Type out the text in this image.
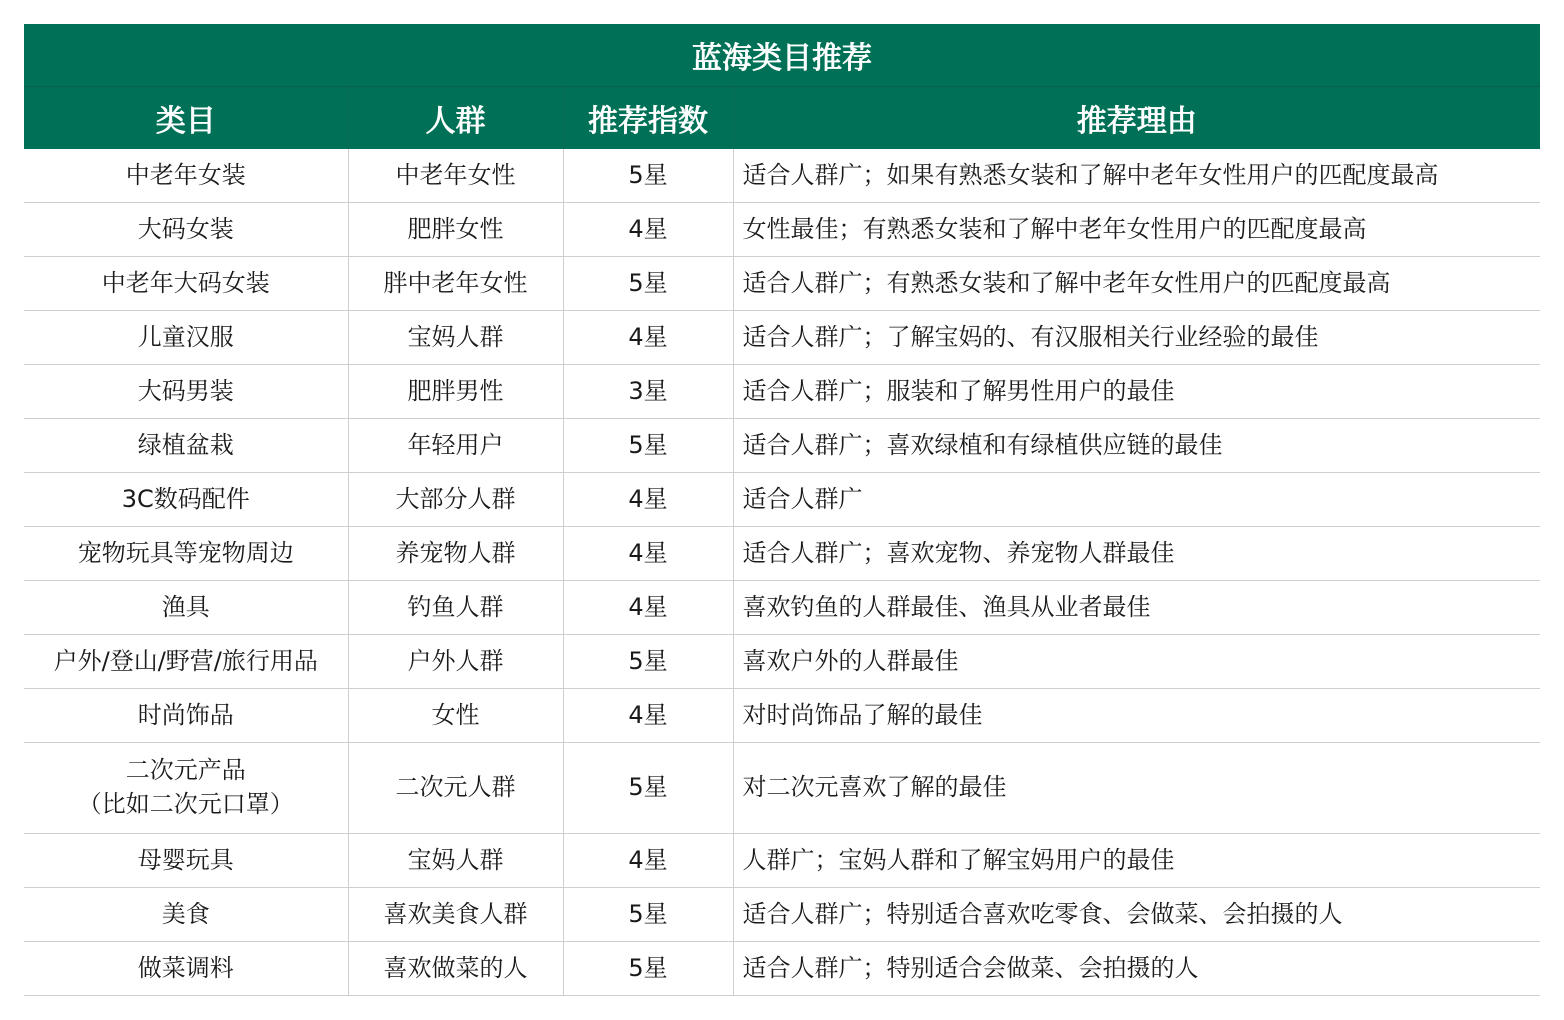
蓝海类目推荐			
类目	人群	推荐指数	推荐理由
中老年女装	中老年女性	5星	适合人群广；如果有熟悉女装和了解中老年女性用户的匹配度最高
大码女装	肥胖女性	4星	女性最佳；有熟悉女装和了解中老年女性用户的匹配度最高
中老年大码女装	胖中老年女性	5星	适合人群广；有熟悉女装和了解中老年女性用户的匹配度最高
儿童汉服	宝妈人群	4星	适合人群广；了解宝妈的、有汉服相关行业经验的最佳
大码男装	肥胖男性	3星	适合人群广；服装和了解男性用户的最佳
绿植盆栽	年轻用户	5星	适合人群广；喜欢绿植和有绿植供应链的最佳
3C数码配件	大部分人群	4星	适合人群广
宠物玩具等宠物周边	养宠物人群	4星	适合人群广；喜欢宠物、养宠物人群最佳
渔具	钓鱼人群	4星	喜欢钓鱼的人群最佳、渔具从业者最佳
户外/登山/野营/旅行用品	户外人群	5星	喜欢户外的人群最佳
时尚饰品	女性	4星	对时尚饰品了解的最佳

二次元产品
（比如二次元口罩）	二次元人群	5星	对二次元喜欢了解的最佳
母婴玩具	宝妈人群	4星	人群广；宝妈人群和了解宝妈用户的最佳
美食	喜欢美食人群	5星	适合人群广；特别适合喜欢吃零食、会做菜、会拍摄的人
做菜调料	喜欢做菜的人	5星	适合人群广；特别适合会做菜、会拍摄的人
